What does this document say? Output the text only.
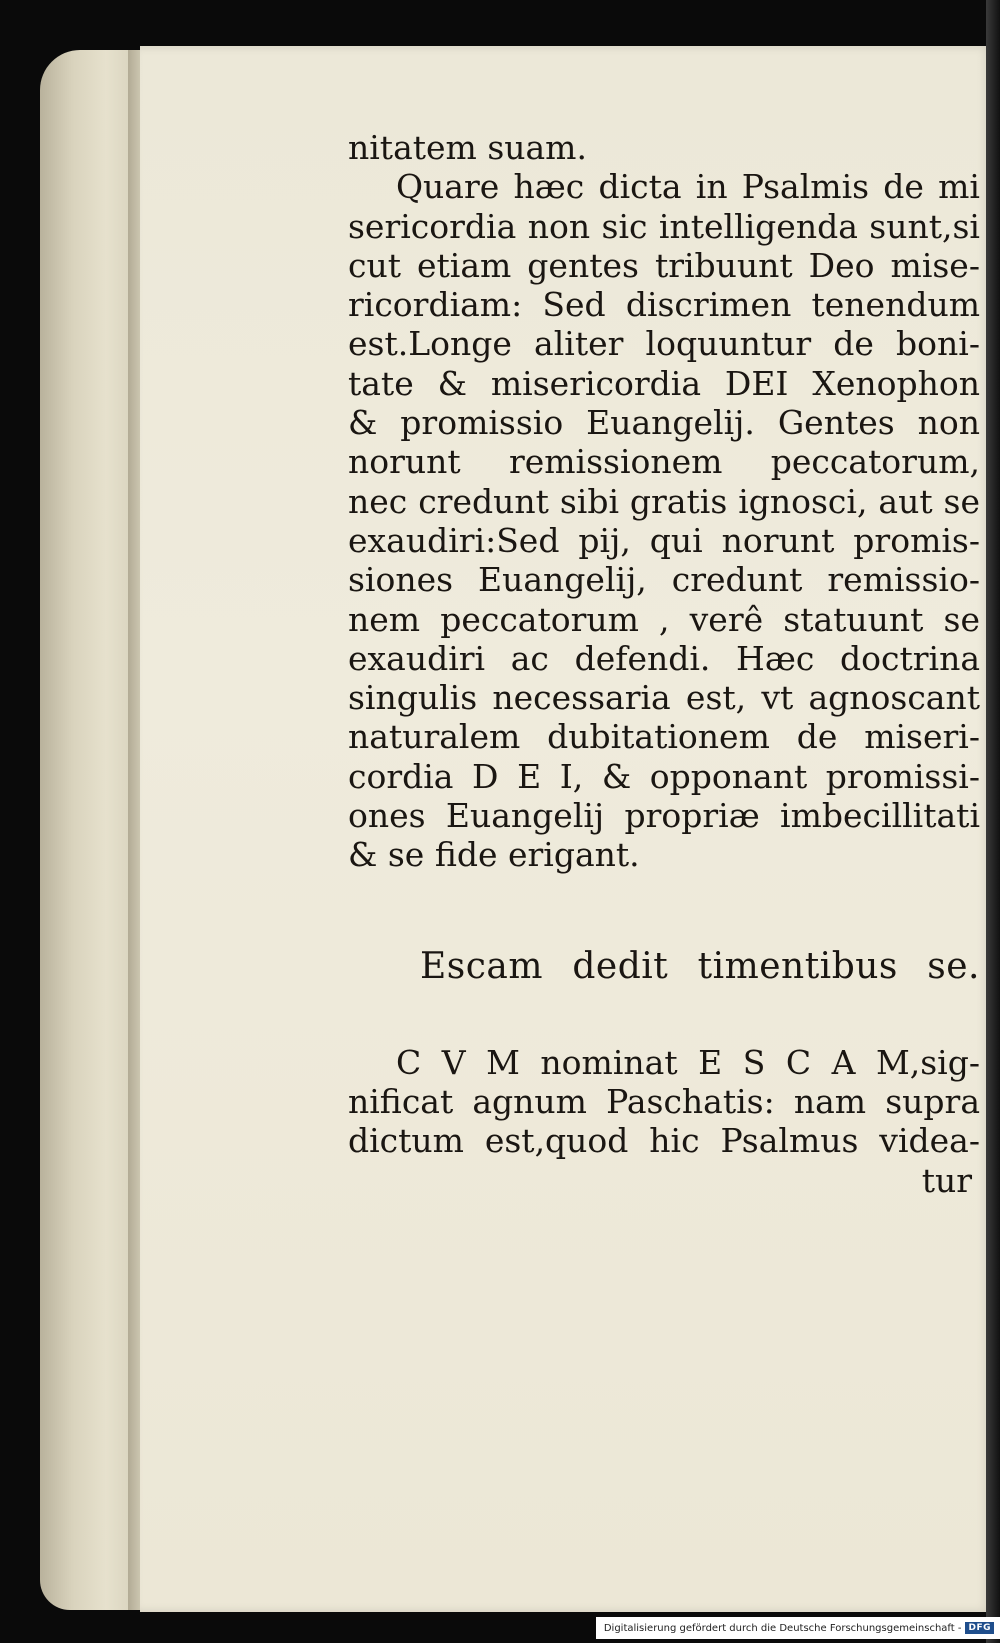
nitatem suam.
Quare hæc dicta in Psalmis de mi
sericordia non sic intelligenda sunt,si
cut etiam gentes tribuunt Deo mise-
ricordiam: Sed discrimen tenendum
est.Longe aliter loquuntur de boni-
tate & misericordia DEI Xenophon
& promissio Euangelij. Gentes non
norunt remissionem peccatorum,
nec credunt sibi gratis ignosci, aut se
exaudiri:Sed pij, qui norunt promis-
siones Euangelij, credunt remissio-
nem peccatorum , verê statuunt se
exaudiri ac defendi. Hæc doctrina
singulis necessaria est, vt agnoscant
naturalem dubitationem de miseri-
cordia D E I, & opponant promissi-
ones Euangelij propriæ imbecillitati
& se fide erigant.
Escam dedit timentibus se.
C V M nominat E S C A M,sig-
nificat agnum Paschatis: nam supra
dictum est,quod hic Psalmus videa-
tur
Digitalisierung gefördert durch die Deutsche Forschungsgemeinschaft - DFG
